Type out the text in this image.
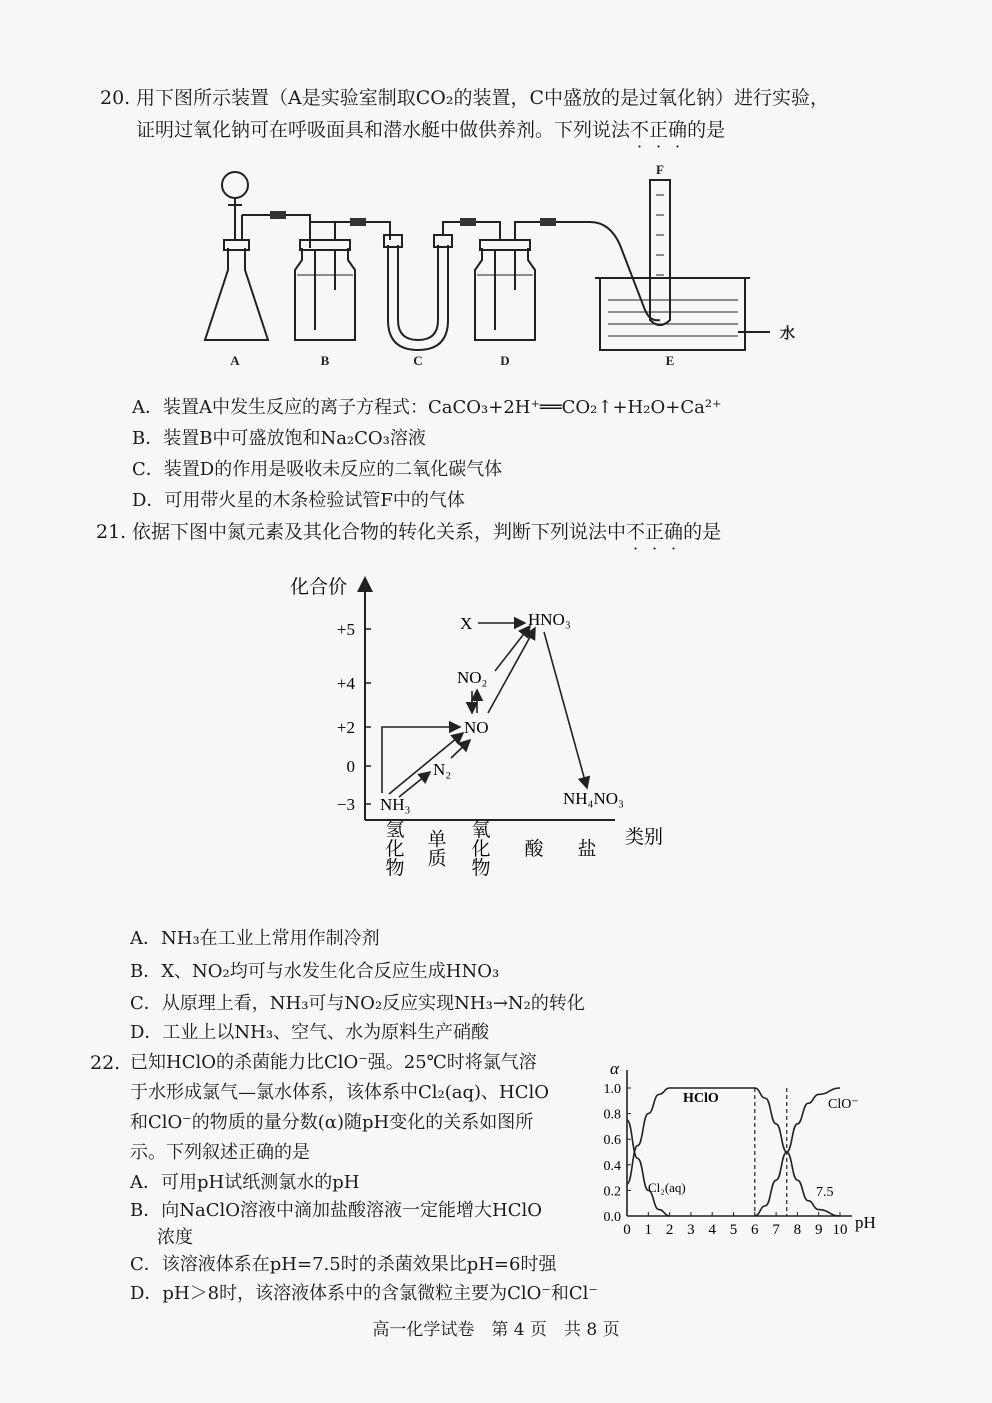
20. 用下图所示装置（A是实验室制取CO₂的装置，C中盛放的是过氧化钠）进行实验，
证明过氧化钠可在呼吸面具和潜水艇中做供养剂。下列说法不正确的是
A	B	C	D	E
F
水
A．装置A中发生反应的离子方程式：CaCO₃+2H⁺══CO₂↑+H₂O+Ca²⁺
B．装置B中可盛放饱和Na₂CO₃溶液
C．装置D的作用是吸收未反应的二氧化碳气体
D．可用带火星的木条检验试管F中的气体
21. 依据下图中氮元素及其化合物的转化关系，判断下列说法中不正确的是
化合价
+5
+4
+2
0
−3
氢化物 单质 氧化物 酸 盐 类别
X	HNO₃
NO₂
NO
N₂
NH₃	NH₄NO₃
A．NH₃在工业上常用作制冷剂
B．X、NO₂均可与水发生化合反应生成HNO₃
C．从原理上看，NH₃可与NO₂反应实现NH₃→N₂的转化
D．工业上以NH₃、空气、水为原料生产硝酸
22. 已知HClO的杀菌能力比ClO⁻强。25℃时将氯气溶
于水形成氯气—氯水体系，该体系中Cl₂(aq)、HClO
和ClO⁻的物质的量分数(α)随pH变化的关系如图所
示。下列叙述正确的是
A．可用pH试纸测氯水的pH
B．向NaClO溶液中滴加盐酸溶液一定能增大HClO
浓度
C．该溶液体系在pH=7.5时的杀菌效果比pH=6时强
D．pH＞8时，该溶液体系中的含氯微粒主要为ClO⁻和Cl⁻
α
pH
0.0
0.2
0.4
0.6
0.8
1.0
0 1 2 3 4 5 6 7 8 9 10
HClO	ClO⁻
Cl₂(aq)	7.5
高一化学试卷　第 4 页　共 8 页
